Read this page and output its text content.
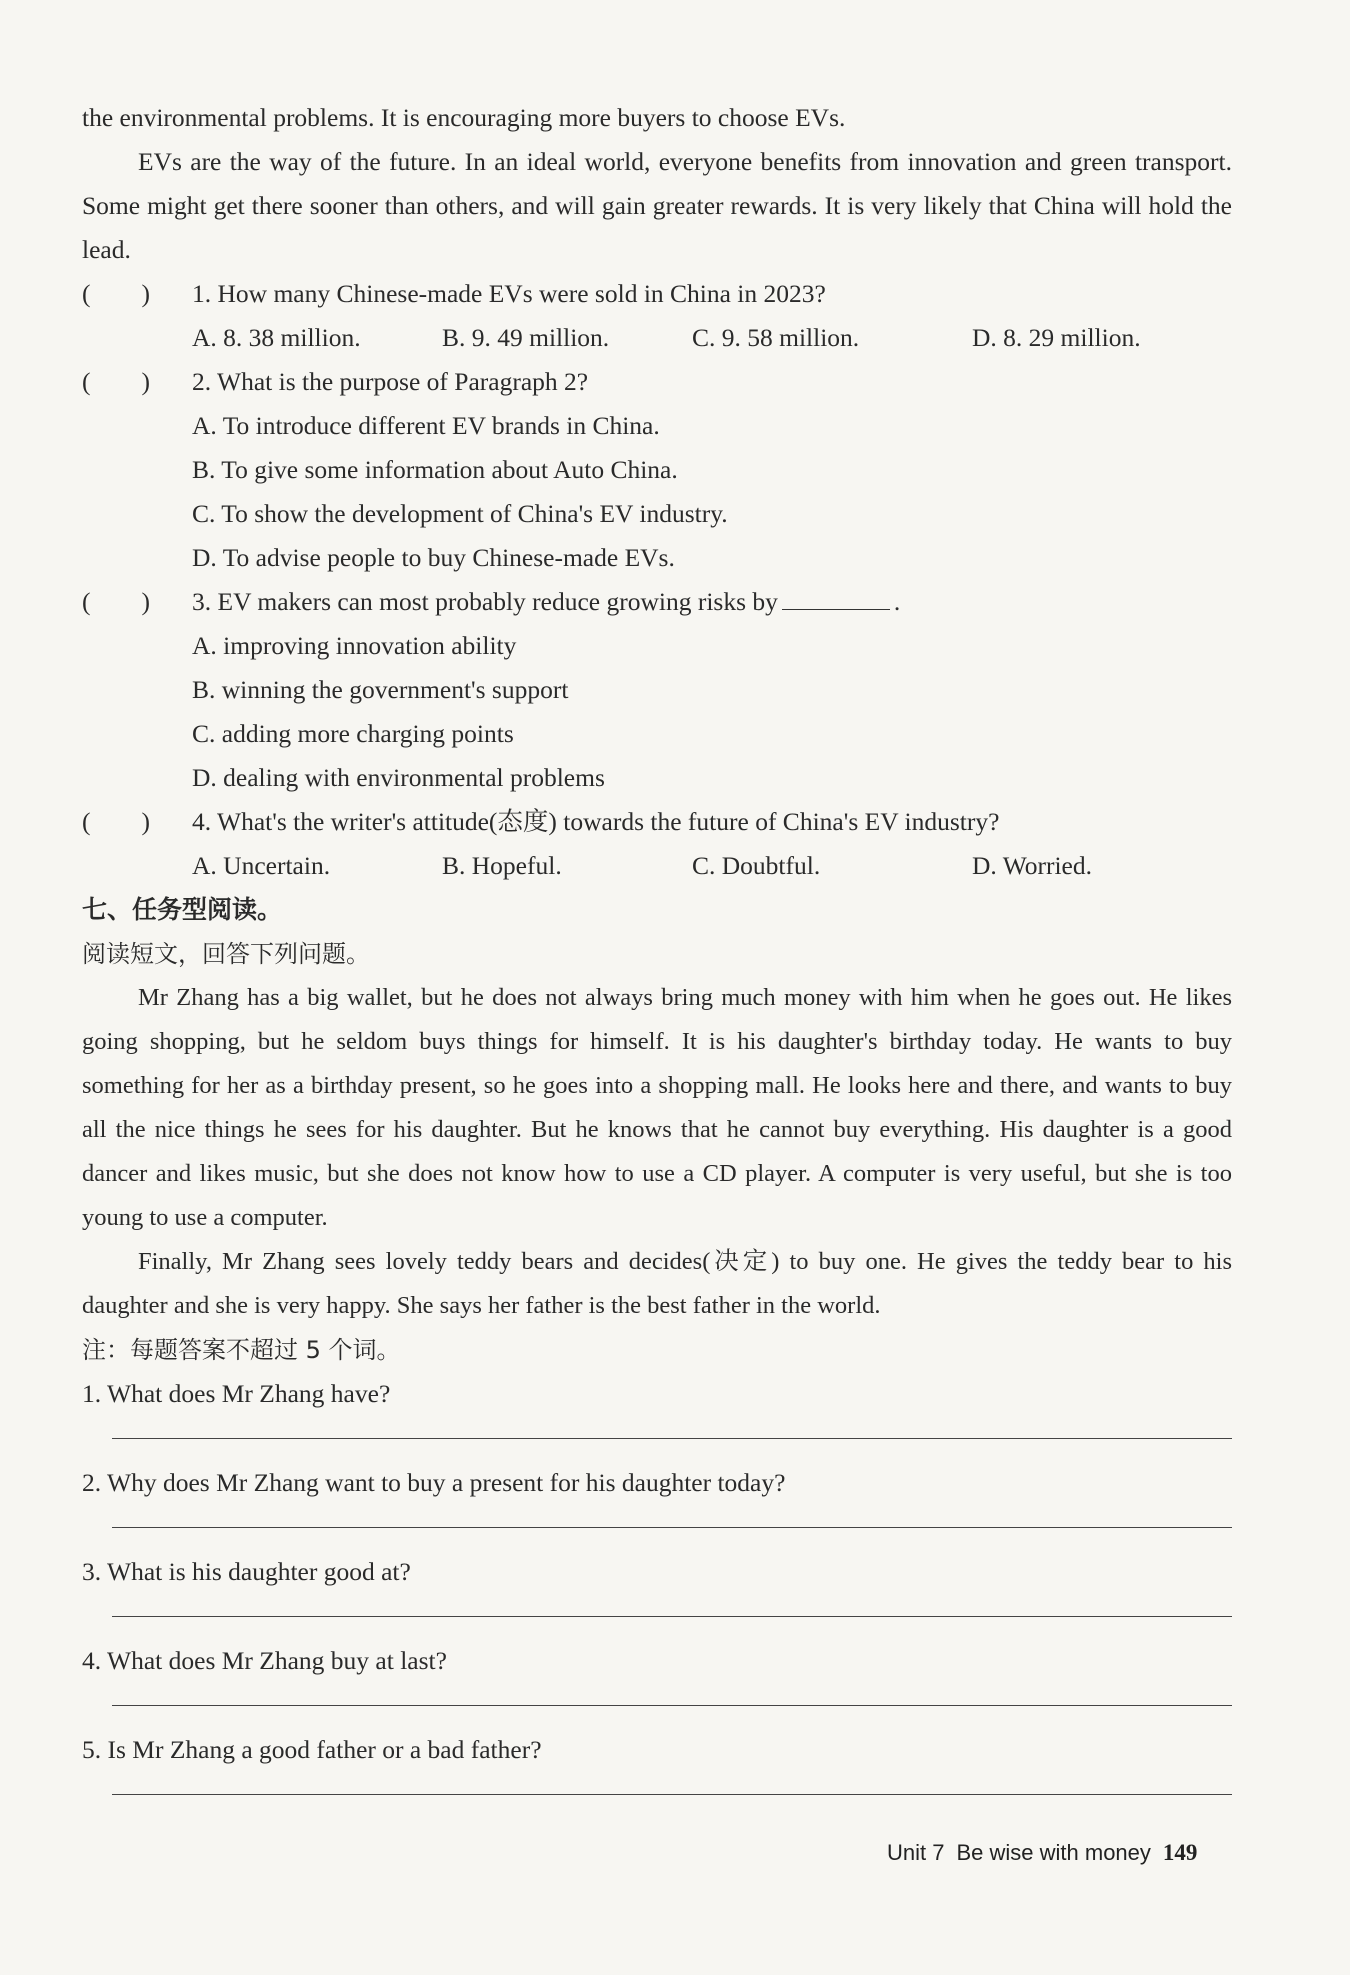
the environmental problems. It is encouraging more buyers to choose EVs.

EVs are the way of the future. In an ideal world, everyone benefits from innovation and green transport. Some might get there sooner than others, and will gain greater rewards. It is very likely that China will hold the lead.

(        )	1. How many Chinese-made EVs were sold in China in 2023?
A. 8. 38 million.	B. 9. 49 million.	C. 9. 58 million.	D. 8. 29 million.
(        )	2. What is the purpose of Paragraph 2?

A. To introduce different EV brands in China.

B. To give some information about Auto China.

C. To show the development of China's EV industry.

D. To advise people to buy Chinese-made EVs.

(        )	3. EV makers can most probably reduce growing risks by	.

A. improving innovation ability

B. winning the government's support

C. adding more charging points

D. dealing with environmental problems

(        )	4. What's the writer's attitude(态度) towards the future of China's EV industry?
A. Uncertain.	B. Hopeful.	C. Doubtful.	D. Worried.

七、任务型阅读。

阅读短文，回答下列问题。

Mr Zhang has a big wallet, but he does not always bring much money with him when he goes out. He likes going shopping, but he seldom buys things for himself. It is his daughter's birthday today. He wants to buy something for her as a birthday present, so he goes into a shopping mall. He looks here and there, and wants to buy all the nice things he sees for his daughter. But he knows that he cannot buy everything. His daughter is a good dancer and likes music, but she does not know how to use a CD player. A computer is very useful, but she is too young to use a computer.

Finally, Mr Zhang sees lovely teddy bears and decides(决定) to buy one. He gives the teddy bear to his daughter and she is very happy. She says her father is the best father in the world.

注：每题答案不超过 5 个词。

1. What does Mr Zhang have?

2. Why does Mr Zhang want to buy a present for his daughter today?

3. What is his daughter good at?

4. What does Mr Zhang buy at last?

5. Is Mr Zhang a good father or a bad father?

Unit 7 Be wise with money 149
